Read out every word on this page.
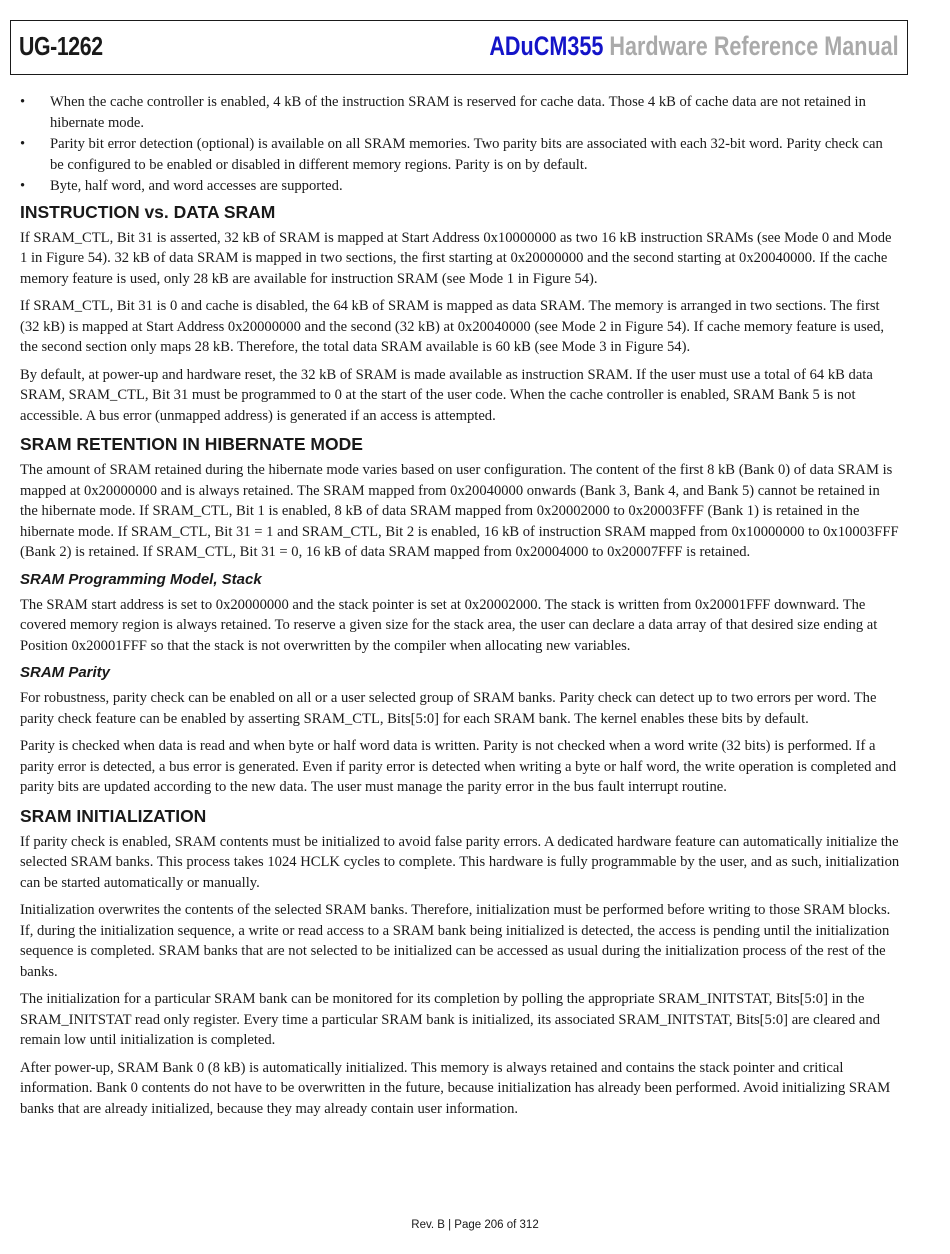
UG-1262	ADuCM355 Hardware Reference Manual
• When the cache controller is enabled, 4 kB of the instruction SRAM is reserved for cache data. Those 4 kB of cache data are not retained in hibernate mode.
• Parity bit error detection (optional) is available on all SRAM memories. Two parity bits are associated with each 32-bit word. Parity check can be configured to be enabled or disabled in different memory regions. Parity is on by default.
• Byte, half word, and word accesses are supported.
INSTRUCTION vs. DATA SRAM

If SRAM_CTL, Bit 31 is asserted, 32 kB of SRAM is mapped at Start Address 0x10000000 as two 16 kB instruction SRAMs (see Mode 0 and Mode 1 in Figure 54). 32 kB of data SRAM is mapped in two sections, the first starting at 0x20000000 and the second starting at 0x20040000. If the cache memory feature is used, only 28 kB are available for instruction SRAM (see Mode 1 in Figure 54).

If SRAM_CTL, Bit 31 is 0 and cache is disabled, the 64 kB of SRAM is mapped as data SRAM. The memory is arranged in two sections. The first (32 kB) is mapped at Start Address 0x20000000 and the second (32 kB) at 0x20040000 (see Mode 2 in Figure 54). If cache memory feature is used, the second section only maps 28 kB. Therefore, the total data SRAM available is 60 kB (see Mode 3 in Figure 54).

By default, at power-up and hardware reset, the 32 kB of SRAM is made available as instruction SRAM. If the user must use a total of 64 kB data SRAM, SRAM_CTL, Bit 31 must be programmed to 0 at the start of the user code. When the cache controller is enabled, SRAM Bank 5 is not accessible. A bus error (unmapped address) is generated if an access is attempted.

SRAM RETENTION IN HIBERNATE MODE

The amount of SRAM retained during the hibernate mode varies based on user configuration. The content of the first 8 kB (Bank 0) of data SRAM is mapped at 0x20000000 and is always retained. The SRAM mapped from 0x20040000 onwards (Bank 3, Bank 4, and Bank 5) cannot be retained in the hibernate mode. If SRAM_CTL, Bit 1 is enabled, 8 kB of data SRAM mapped from 0x20002000 to 0x20003FFF (Bank 1) is retained in the hibernate mode. If SRAM_CTL, Bit 31 = 1 and SRAM_CTL, Bit 2 is enabled, 16 kB of instruction SRAM mapped from 0x10000000 to 0x10003FFF (Bank 2) is retained. If SRAM_CTL, Bit 31 = 0, 16 kB of data SRAM mapped from 0x20004000 to 0x20007FFF is retained.

SRAM Programming Model, Stack

The SRAM start address is set to 0x20000000 and the stack pointer is set at 0x20002000. The stack is written from 0x20001FFF downward. The covered memory region is always retained. To reserve a given size for the stack area, the user can declare a data array of that desired size ending at Position 0x20001FFF so that the stack is not overwritten by the compiler when allocating new variables.

SRAM Parity

For robustness, parity check can be enabled on all or a user selected group of SRAM banks. Parity check can detect up to two errors per word. The parity check feature can be enabled by asserting SRAM_CTL, Bits[5:0] for each SRAM bank. The kernel enables these bits by default.

Parity is checked when data is read and when byte or half word data is written. Parity is not checked when a word write (32 bits) is performed. If a parity error is detected, a bus error is generated. Even if parity error is detected when writing a byte or half word, the write operation is completed and parity bits are updated according to the new data. The user must manage the parity error in the bus fault interrupt routine.

SRAM INITIALIZATION

If parity check is enabled, SRAM contents must be initialized to avoid false parity errors. A dedicated hardware feature can automatically initialize the selected SRAM banks. This process takes 1024 HCLK cycles to complete. This hardware is fully programmable by the user, and as such, initialization can be started automatically or manually.

Initialization overwrites the contents of the selected SRAM banks. Therefore, initialization must be performed before writing to those SRAM blocks. If, during the initialization sequence, a write or read access to a SRAM bank being initialized is detected, the access is pending until the initialization sequence is completed. SRAM banks that are not selected to be initialized can be accessed as usual during the initialization process of the rest of the banks.

The initialization for a particular SRAM bank can be monitored for its completion by polling the appropriate SRAM_INITSTAT, Bits[5:0] in the SRAM_INITSTAT read only register. Every time a particular SRAM bank is initialized, its associated SRAM_INITSTAT, Bits[5:0] are cleared and remain low until initialization is completed.

After power-up, SRAM Bank 0 (8 kB) is automatically initialized. This memory is always retained and contains the stack pointer and critical information. Bank 0 contents do not have to be overwritten in the future, because initialization has already been performed. Avoid initializing SRAM banks that are already initialized, because they may already contain user information.

Rev. B | Page 206 of 312
